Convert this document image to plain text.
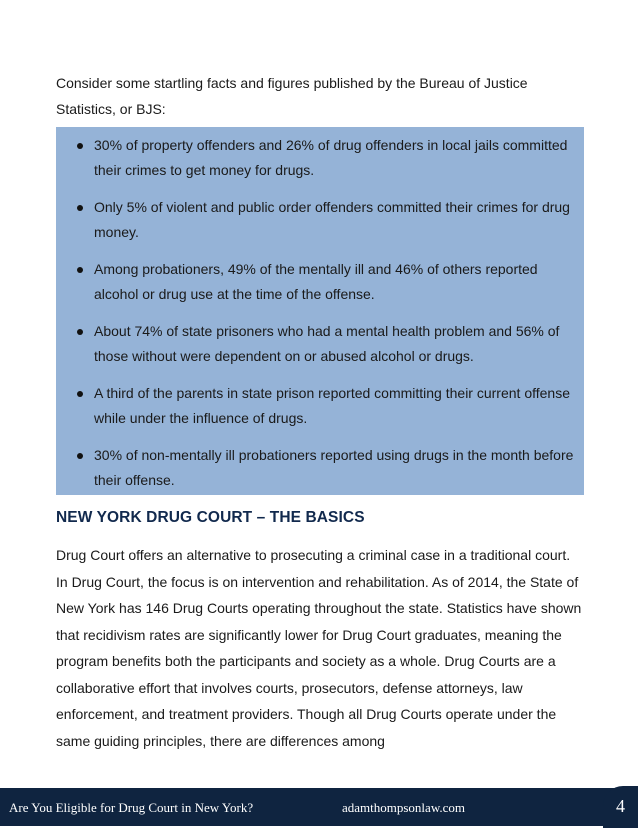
Consider some startling facts and figures published by the Bureau of Justice Statistics, or BJS:

30% of property offenders and 26% of drug offenders in local jails committed their crimes to get money for drugs.
Only 5% of violent and public order offenders committed their crimes for drug money.
Among probationers, 49% of the mentally ill and 46% of others reported alcohol or drug use at the time of the offense.
About 74% of state prisoners who had a mental health problem and 56% of those without were dependent on or abused alcohol or drugs.
A third of the parents in state prison reported committing their current offense while under the influence of drugs.
30% of non-mentally ill probationers reported using drugs in the month before their offense.
NEW YORK DRUG COURT – THE BASICS

Drug Court offers an alternative to prosecuting a criminal case in a traditional court. In Drug Court, the focus is on intervention and rehabilitation. As of 2014, the State of New York has 146 Drug Courts operating throughout the state. Statistics have shown that recidivism rates are significantly lower for Drug Court graduates, meaning the program benefits both the participants and society as a whole. Drug Courts are a collaborative effort that involves courts, prosecutors, defense attorneys, law enforcement, and treatment providers. Though all Drug Courts operate under the same guiding principles, there are differences among

Are You Eligible for Drug Court in New York?	adamthompsonlaw.com	4
